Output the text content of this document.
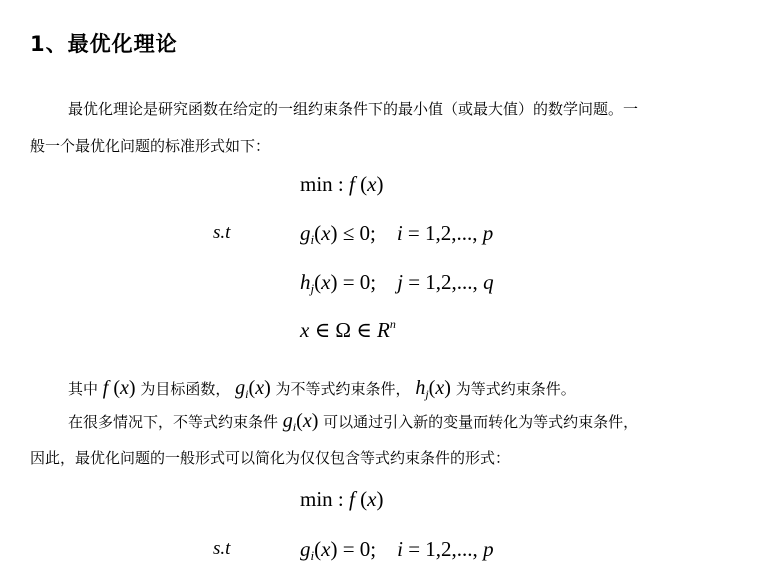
1、最优化理论
最优化理论是研究函数在给定的一组约束条件下的最小值（或最大值）的数学问题。一
般一个最优化问题的标准形式如下：
min : f (x)
s.t	$g_i(x) \le 0$;    i = 1,2,..., p
$h_j(x) = 0$;    j = 1,2,..., q
x ∈ Ω ∈ $R^n$
其中 f (x) 为目标函数， $g_i(x)$ 为不等式约束条件， $h_j(x)$ 为等式约束条件。
在很多情况下，不等式约束条件 $g_i(x)$ 可以通过引入新的变量而转化为等式约束条件，
因此，最优化问题的一般形式可以简化为仅仅包含等式约束条件的形式：
min : f (x)
s.t	$g_i(x) = 0$;    i = 1,2,..., p
